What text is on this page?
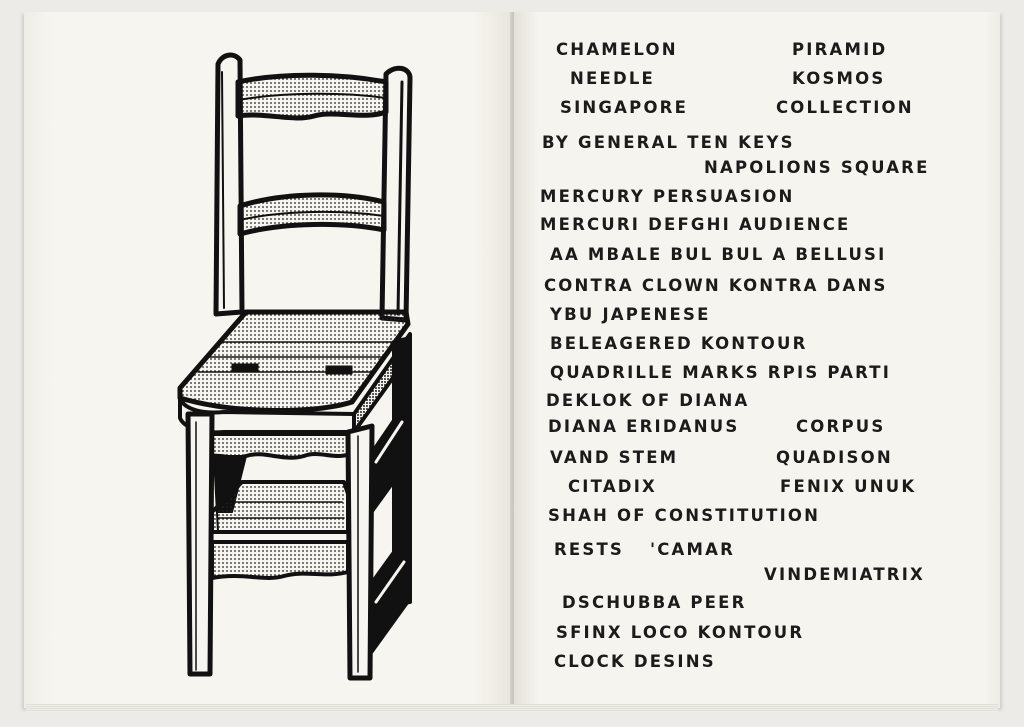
CHAMELON	PIRAMID

NEEDLE	KOSMOS

SINGAPORE	COLLECTION

BY GENERAL TEN KEYS

NAPOLIONS SQUARE

MERCURY PERSUASION

MERCURI DEFGHI AUDIENCE

AA MBALE BUL BUL A BELLUSI

CONTRA CLOWN KONTRA DANS

YBU JAPENESE

BELEAGERED KONTOUR

QUADRILLE MARKS RPIS PARTI

DEKLOK OF DIANA

DIANA ERIDANUS	CORPUS

VAND STEM	QUADISON

CITADIX	FENIX UNUK

SHAH OF CONSTITUTION

RESTS 'CAMAR

VINDEMIATRIX

DSCHUBBA PEER

SFINX LOCO KONTOUR

CLOCK DESINS
